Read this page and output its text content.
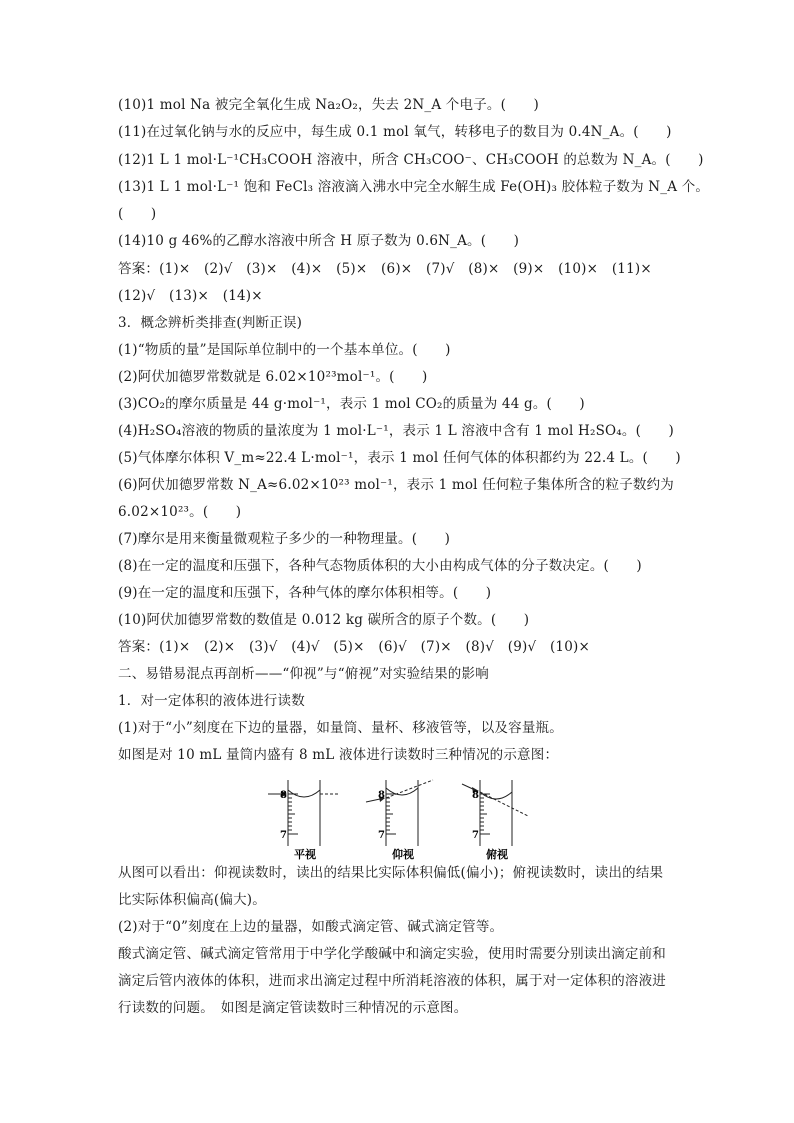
(10)1 mol Na 被完全氧化生成 Na₂O₂，失去 2N_A 个电子。(　　)
(11)在过氧化钠与水的反应中，每生成 0.1 mol 氧气，转移电子的数目为 0.4N_A。(　　)
(12)1 L 1 mol·L⁻¹CH₃COOH 溶液中，所含 CH₃COO⁻、CH₃COOH 的总数为 N_A。(　　)
(13)1 L 1 mol·L⁻¹ 饱和 FeCl₃ 溶液滴入沸水中完全水解生成 Fe(OH)₃ 胶体粒子数为 N_A 个。
(　　)
(14)10 g 46%的乙醇水溶液中所含 H 原子数为 0.6N_A。(　　)
答案：(1)×　(2)√　(3)×　(4)×　(5)×　(6)×　(7)√　(8)×　(9)×　(10)×　(11)×
(12)√　(13)×　(14)×
3．概念辨析类排查(判断正误)
(1)“物质的量”是国际单位制中的一个基本单位。(　　)
(2)阿伏加德罗常数就是 6.02×10²³mol⁻¹。(　　)
(3)CO₂的摩尔质量是 44 g·mol⁻¹，表示 1 mol CO₂的质量为 44 g。(　　)
(4)H₂SO₄溶液的物质的量浓度为 1 mol·L⁻¹，表示 1 L 溶液中含有 1 mol H₂SO₄。(　　)
(5)气体摩尔体积 V_m≈22.4 L·mol⁻¹，表示 1 mol 任何气体的体积都约为 22.4 L。(　　)
(6)阿伏加德罗常数 N_A≈6.02×10²³ mol⁻¹，表示 1 mol 任何粒子集体所含的粒子数约为
6.02×10²³。(　　)
(7)摩尔是用来衡量微观粒子多少的一种物理量。(　　)
(8)在一定的温度和压强下，各种气态物质体积的大小由构成气体的分子数决定。(　　)
(9)在一定的温度和压强下，各种气体的摩尔体积相等。(　　)
(10)阿伏加德罗常数的数值是 0.012 kg 碳所含的原子个数。(　　)
答案：(1)×　(2)×　(3)√　(4)√　(5)×　(6)√　(7)×　(8)√　(9)√　(10)×
二、易错易混点再剖析——“仰视”与“俯视”对实验结果的影响
1．对一定体积的液体进行读数
(1)对于“小”刻度在下边的量器，如量筒、量杯、移液管等，以及容量瓶。
如图是对 10 mL 量筒内盛有 8 mL 液体进行读数时三种情况的示意图：
8
7
8
7
8
7
平视	仰视	俯视
从图可以看出：仰视读数时，读出的结果比实际体积偏低(偏小)；俯视读数时，读出的结果
比实际体积偏高(偏大)。
(2)对于“0”刻度在上边的量器，如酸式滴定管、碱式滴定管等。
酸式滴定管、碱式滴定管常用于中学化学酸碱中和滴定实验，使用时需要分别读出滴定前和
滴定后管内液体的体积，进而求出滴定过程中所消耗溶液的体积，属于对一定体积的溶液进
行读数的问题。　如图是滴定管读数时三种情况的示意图。
